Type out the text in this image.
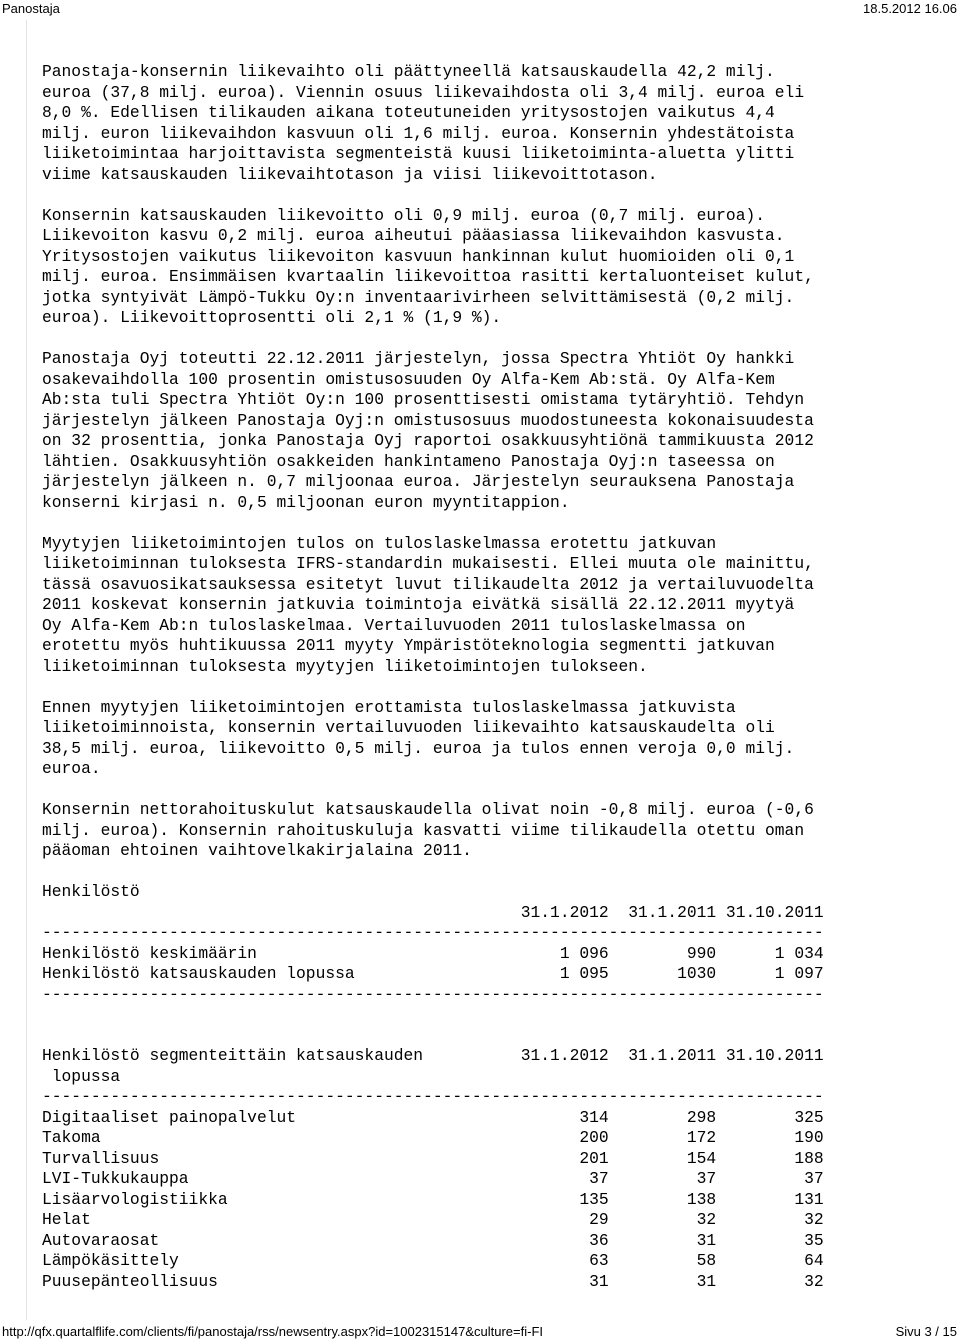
Panostaja	18.5.2012 16.06

Panostaja-konsernin liikevaihto oli päättyneellä katsauskaudella 42,2 milj.
euroa (37,8 milj. euroa). Viennin osuus liikevaihdosta oli 3,4 milj. euroa eli
8,0 %. Edellisen tilikauden aikana toteutuneiden yritysostojen vaikutus 4,4
milj. euron liikevaihdon kasvuun oli 1,6 milj. euroa. Konsernin yhdestätoista
liiketoimintaa harjoittavista segmenteistä kuusi liiketoiminta-aluetta ylitti
viime katsauskauden liikevaihtotason ja viisi liikevoittotason.

Konsernin katsauskauden liikevoitto oli 0,9 milj. euroa (0,7 milj. euroa).
Liikevoiton kasvu 0,2 milj. euroa aiheutui pääasiassa liikevaihdon kasvusta.
Yritysostojen vaikutus liikevoiton kasvuun hankinnan kulut huomioiden oli 0,1
milj. euroa. Ensimmäisen kvartaalin liikevoittoa rasitti kertaluonteiset kulut,
jotka syntyivät Lämpö-Tukku Oy:n inventaarivirheen selvittämisestä (0,2 milj.
euroa). Liikevoittoprosentti oli 2,1 % (1,9 %).

Panostaja Oyj toteutti 22.12.2011 järjestelyn, jossa Spectra Yhtiöt Oy hankki
osakevaihdolla 100 prosentin omistusosuuden Oy Alfa-Kem Ab:stä. Oy Alfa-Kem
Ab:sta tuli Spectra Yhtiöt Oy:n 100 prosenttisesti omistama tytäryhtiö. Tehdyn
järjestelyn jälkeen Panostaja Oyj:n omistusosuus muodostuneesta kokonaisuudesta
on 32 prosenttia, jonka Panostaja Oyj raportoi osakkuusyhtiönä tammikuusta 2012
lähtien. Osakkuusyhtiön osakkeiden hankintameno Panostaja Oyj:n taseessa on
järjestelyn jälkeen n. 0,7 miljoonaa euroa. Järjestelyn seurauksena Panostaja
konserni kirjasi n. 0,5 miljoonan euron myyntitappion.

Myytyjen liiketoimintojen tulos on tuloslaskelmassa erotettu jatkuvan
liiketoiminnan tuloksesta IFRS-standardin mukaisesti. Ellei muuta ole mainittu,
tässä osavuosikatsauksessa esitetyt luvut tilikaudelta 2012 ja vertailuvuodelta
2011 koskevat konsernin jatkuvia toimintoja eivätkä sisällä 22.12.2011 myytyä
Oy Alfa-Kem Ab:n tuloslaskelmaa. Vertailuvuoden 2011 tuloslaskelmassa on
erotettu myös huhtikuussa 2011 myyty Ympäristöteknologia segmentti jatkuvan
liiketoiminnan tuloksesta myytyjen liiketoimintojen tulokseen.

Ennen myytyjen liiketoimintojen erottamista tuloslaskelmassa jatkuvista
liiketoiminnoista, konsernin vertailuvuoden liikevaihto katsauskaudelta oli
38,5 milj. euroa, liikevoitto 0,5 milj. euroa ja tulos ennen veroja 0,0 milj.
euroa.

Konsernin nettorahoituskulut katsauskaudella olivat noin -0,8 milj. euroa (-0,6
milj. euroa). Konsernin rahoituskuluja kasvatti viime tilikaudella otettu oman
pääoman ehtoinen vaihtovelkakirjalaina 2011.

Henkilöstö
31.1.2012  31.1.2011 31.10.2011
--------------------------------------------------------------------------------
Henkilöstö keskimäärin                               1 096        990      1 034
Henkilöstö katsauskauden lopussa                     1 095       1030      1 097
--------------------------------------------------------------------------------
Henkilöstö segmenteittäin katsauskauden          31.1.2012  31.1.2011 31.10.2011
lopussa
--------------------------------------------------------------------------------
Digitaaliset painopalvelut                             314        298        325
Takoma                                                 200        172        190
Turvallisuus                                           201        154        188
LVI-Tukkukauppa                                         37         37         37
Lisäarvologistiikka                                    135        138        131
Helat                                                   29         32         32
Autovaraosat                                            36         31         35
Lämpökäsittely                                          63         58         64
Puusepänteollisuus                                      31         31         32
http://qfx.quartalflife.com/clients/fi/panostaja/rss/newsentry.aspx?id=1002315147&culture=fi-FI	Sivu 3 / 15
